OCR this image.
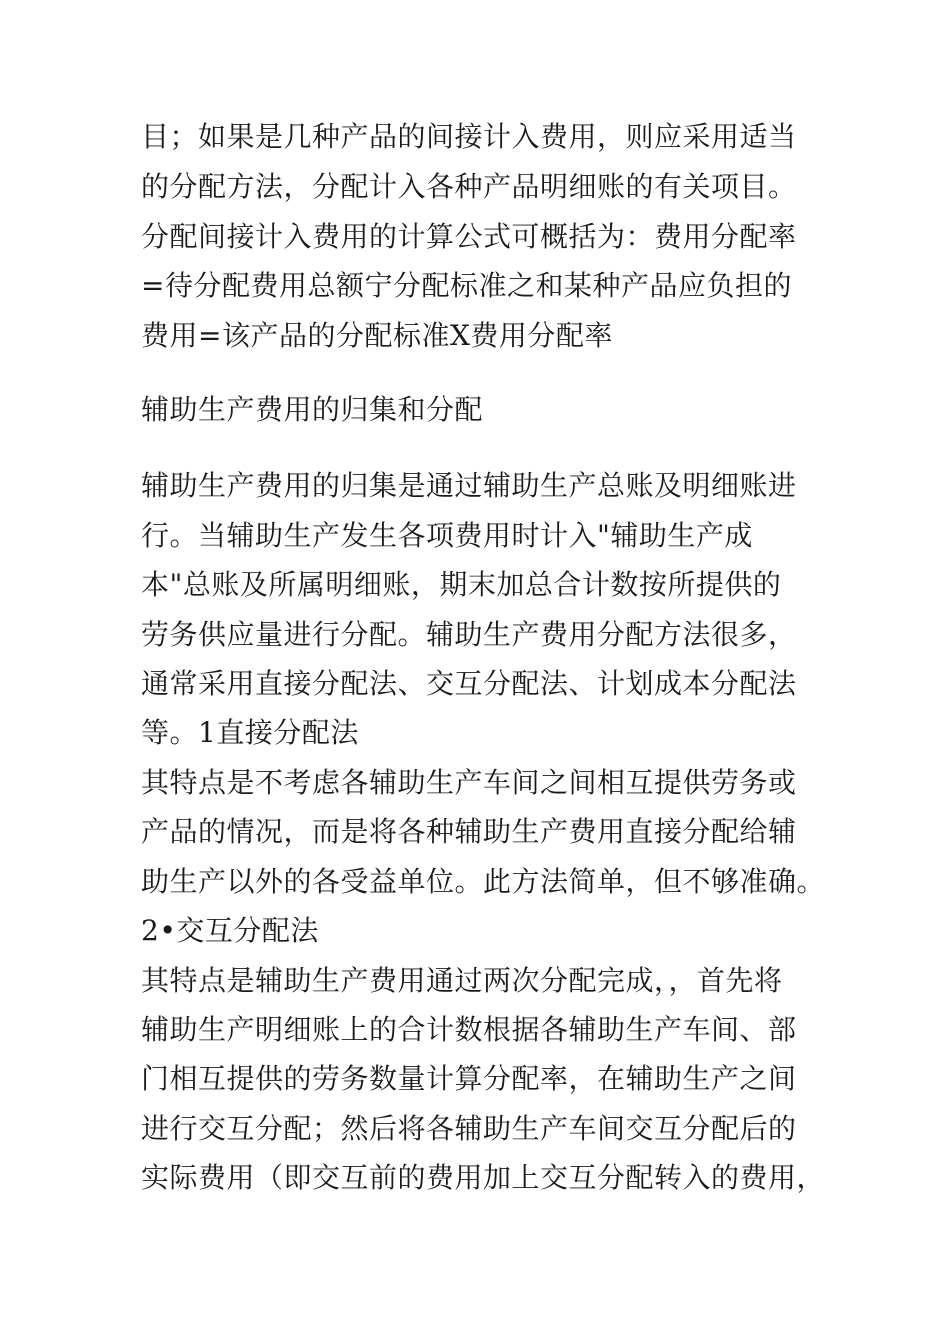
目；如果是几种产品的间接计入费用，则应采用适当
的分配方法，分配计入各种产品明细账的有关项目。
分配间接计入费用的计算公式可概括为：费用分配率
=待分配费用总额宁分配标准之和某种产品应负担的
费用=该产品的分配标准X费用分配率
辅助生产费用的归集和分配
辅助生产费用的归集是通过辅助生产总账及明细账进
行。当辅助生产发生各项费用时计入"辅助生产成
本"总账及所属明细账，期末加总合计数按所提供的
劳务供应量进行分配。辅助生产费用分配方法很多，
通常采用直接分配法、交互分配法、计划成本分配法
等。1直接分配法
其特点是不考虑各辅助生产车间之间相互提供劳务或
产品的情况，而是将各种辅助生产费用直接分配给辅
助生产以外的各受益单位。此方法简单，但不够准确。
2•交互分配法
其特点是辅助生产费用通过两次分配完成，，首先将
辅助生产明细账上的合计数根据各辅助生产车间、部
门相互提供的劳务数量计算分配率，在辅助生产之间
进行交互分配；然后将各辅助生产车间交互分配后的
实际费用（即交互前的费用加上交互分配转入的费用，
